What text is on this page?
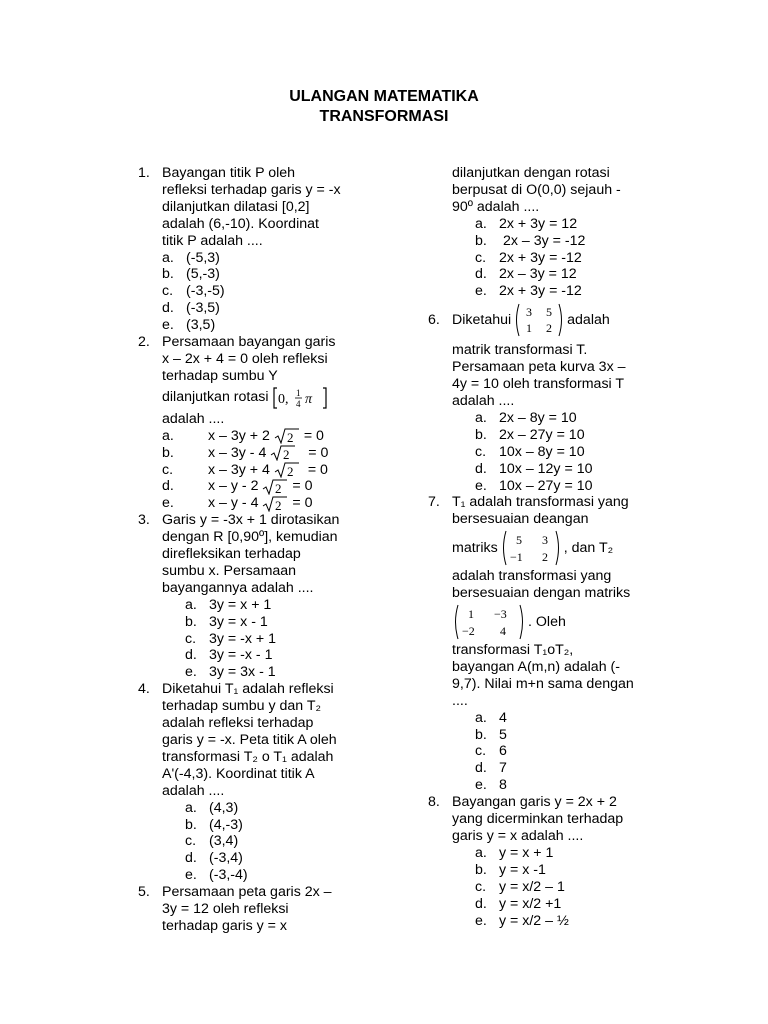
ULANGAN MATEMATIKA
TRANSFORMASI
1. Bayangan titik P oleh
refleksi terhadap garis y = -x
dilanjutkan dilatasi [0,2]
adalah (6,-10). Koordinat
titik P adalah ....
a. (-5,3)
b. (5,-3)
c. (-3,-5)
d. (-3,5)
e. (3,5)
2. Persamaan bayangan garis
x – 2x + 4 = 0 oleh refleksi
terhadap sumbu Y
dilanjutkan rotasi 0, 1
4 π
adalah ....
a. x – 3y + 2 2 = 0
b. x – 3y - 4 2 = 0
c. x – 3y + 4 2 = 0
d. x – y - 2 2 = 0
e. x – y - 4 2 = 0
3. Garis y = -3x + 1 dirotasikan
dengan R [0,90º], kemudian
direfleksikan terhadap
sumbu x. Persamaan
bayangannya adalah ....
a. 3y = x + 1
b. 3y = x - 1
c. 3y = -x + 1
d. 3y = -x - 1
e. 3y = 3x - 1
4. Diketahui T₁ adalah refleksi
terhadap sumbu y dan T₂
adalah refleksi terhadap
garis y = -x. Peta titik A oleh
transformasi T₂ o T₁ adalah
A'(-4,3). Koordinat titik A
adalah ....
a. (4,3)
b. (4,-3)
c. (3,4)
d. (-3,4)
e. (-3,-4)
5. Persamaan peta garis 2x –
3y = 12 oleh refleksi
terhadap garis y = x
dilanjutkan dengan rotasi
berpusat di O(0,0) sejauh -
90º adalah ....
a. 2x + 3y = 12
b. 2x – 3y = -12
c. 2x + 3y = -12
d. 2x – 3y = 12
e. 2x + 3y = -12
6. Diketahui 3 5
1 2
adalah
matrik transformasi T.
Persamaan peta kurva 3x –
4y = 10 oleh transformasi T
adalah ....
a. 2x – 8y = 10
b. 2x – 27y = 10
c. 10x – 8y = 10
d. 10x – 12y = 10
e. 10x – 27y = 10
7. T₁ adalah transformasi yang
bersesuaian deangan
matriks 5 3
−1 2
, dan T₂
adalah transformasi yang
bersesuaian dengan matriks
1 −3
−2 4
. Oleh
transformasi T₁oT₂,
bayangan A(m,n) adalah (-
9,7). Nilai m+n sama dengan
....
a. 4
b. 5
c. 6
d. 7
e. 8
8. Bayangan garis y = 2x + 2
yang dicerminkan terhadap
garis y = x adalah ....
a. y = x + 1
b. y = x -1
c. y = x/2 – 1
d. y = x/2 +1
e. y = x/2 – ½
